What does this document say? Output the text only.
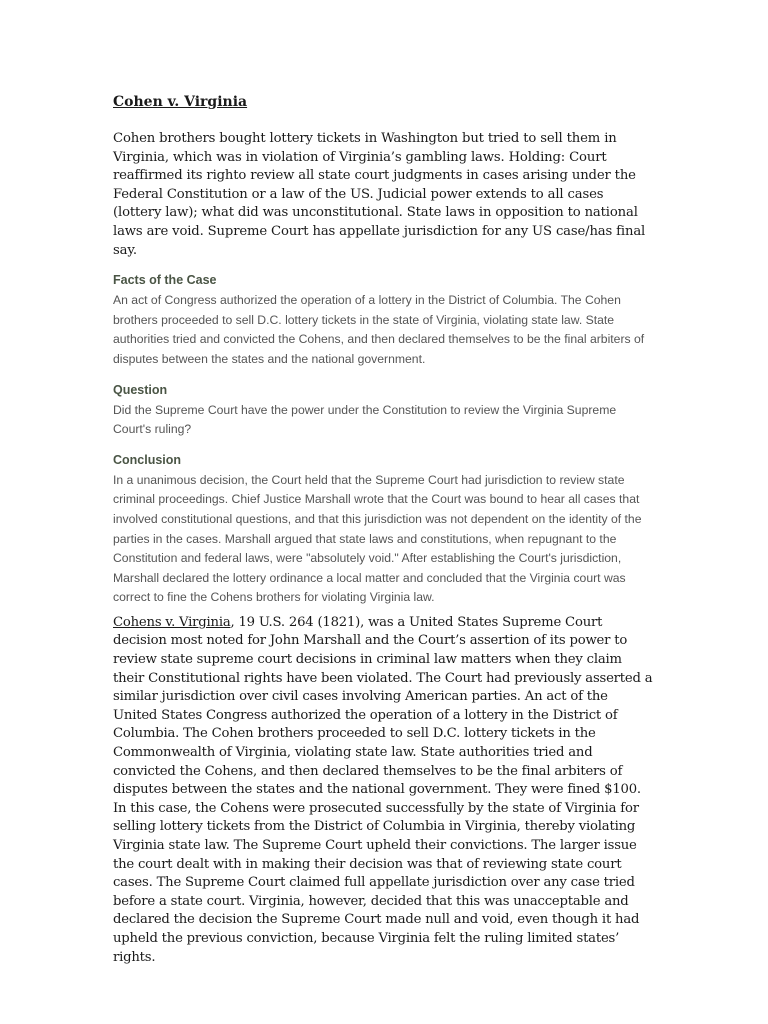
Cohen v. Virginia

Cohen brothers bought lottery tickets in Washington but tried to sell them in Virginia, which was in violation of Virginia’s gambling laws. Holding: Court reaffirmed its righto review all state court judgments in cases arising under the Federal Constitution or a law of the US. Judicial power extends to all cases (lottery law); what did was unconstitutional. State laws in opposition to national laws are void. Supreme Court has appellate jurisdiction for any US case/has final say.

Facts of the Case

An act of Congress authorized the operation of a lottery in the District of Columbia. The Cohen brothers proceeded to sell D.C. lottery tickets in the state of Virginia, violating state law. State authorities tried and convicted the Cohens, and then declared themselves to be the final arbiters of disputes between the states and the national government.

Question

Did the Supreme Court have the power under the Constitution to review the Virginia Supreme Court's ruling?

Conclusion

In a unanimous decision, the Court held that the Supreme Court had jurisdiction to review state criminal proceedings. Chief Justice Marshall wrote that the Court was bound to hear all cases that involved constitutional questions, and that this jurisdiction was not dependent on the identity of the parties in the cases. Marshall argued that state laws and constitutions, when repugnant to the Constitution and federal laws, were "absolutely void." After establishing the Court's jurisdiction, Marshall declared the lottery ordinance a local matter and concluded that the Virginia court was correct to fine the Cohens brothers for violating Virginia law.

Cohens v. Virginia, 19 U.S. 264 (1821), was a United States Supreme Court decision most noted for John Marshall and the Court’s assertion of its power to review state supreme court decisions in criminal law matters when they claim their Constitutional rights have been violated. The Court had previously asserted a similar jurisdiction over civil cases involving American parties. An act of the United States Congress authorized the operation of a lottery in the District of Columbia. The Cohen brothers proceeded to sell D.C. lottery tickets in the Commonwealth of Virginia, violating state law. State authorities tried and convicted the Cohens, and then declared themselves to be the final arbiters of disputes between the states and the national government. They were fined $100. In this case, the Cohens were prosecuted successfully by the state of Virginia for selling lottery tickets from the District of Columbia in Virginia, thereby violating Virginia state law. The Supreme Court upheld their convictions. The larger issue the court dealt with in making their decision was that of reviewing state court cases. The Supreme Court claimed full appellate jurisdiction over any case tried before a state court. Virginia, however, decided that this was unacceptable and declared the decision the Supreme Court made null and void, even though it had upheld the previous conviction, because Virginia felt the ruling limited states’ rights.
